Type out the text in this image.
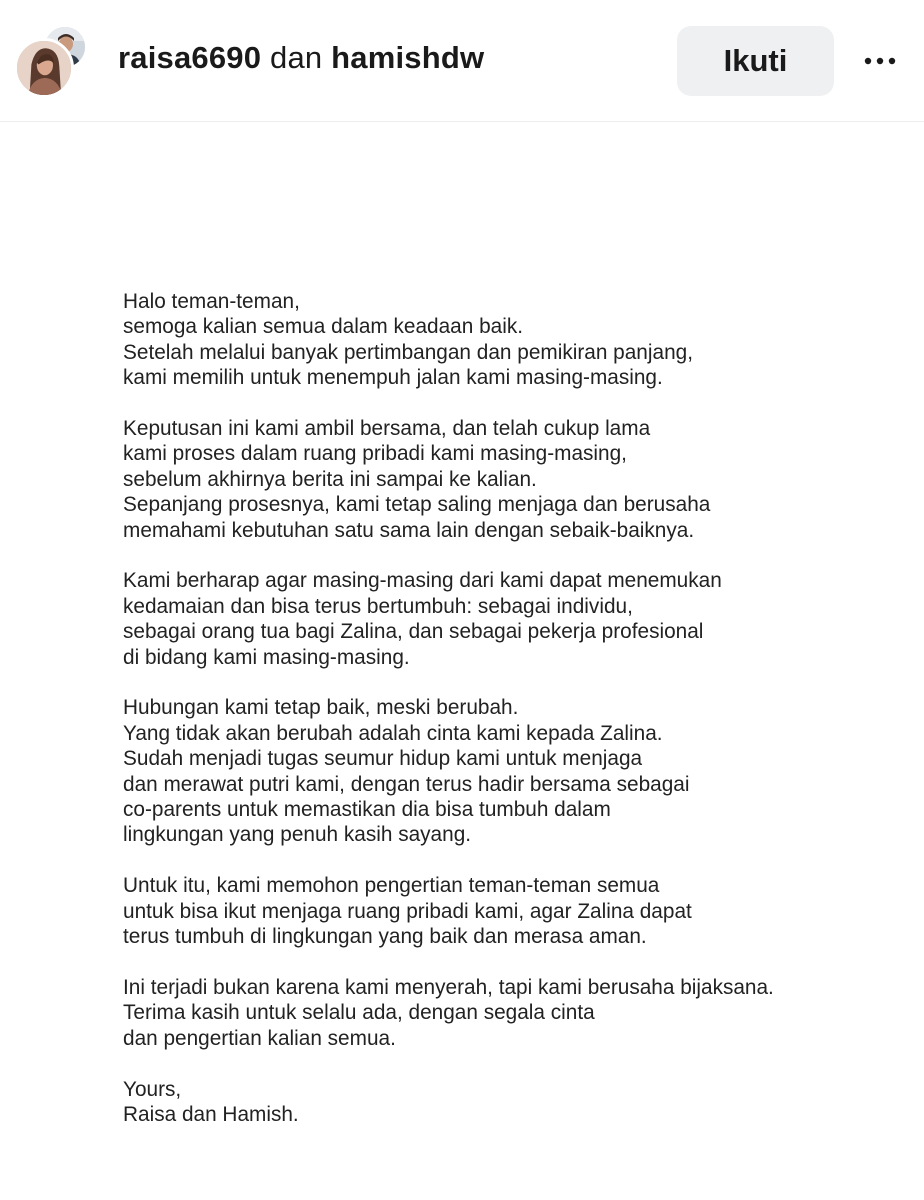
raisa6690 dan hamishdw	Ikuti

Halo teman-teman,
semoga kalian semua dalam keadaan baik.
Setelah melalui banyak pertimbangan dan pemikiran panjang,
kami memilih untuk menempuh jalan kami masing-masing.

Keputusan ini kami ambil bersama, dan telah cukup lama
kami proses dalam ruang pribadi kami masing-masing,
sebelum akhirnya berita ini sampai ke kalian.
Sepanjang prosesnya, kami tetap saling menjaga dan berusaha
memahami kebutuhan satu sama lain dengan sebaik-baiknya.

Kami berharap agar masing-masing dari kami dapat menemukan
kedamaian dan bisa terus bertumbuh: sebagai individu,
sebagai orang tua bagi Zalina, dan sebagai pekerja profesional
di bidang kami masing-masing.

Hubungan kami tetap baik, meski berubah.
Yang tidak akan berubah adalah cinta kami kepada Zalina.
Sudah menjadi tugas seumur hidup kami untuk menjaga
dan merawat putri kami, dengan terus hadir bersama sebagai
co-parents untuk memastikan dia bisa tumbuh dalam
lingkungan yang penuh kasih sayang.

Untuk itu, kami memohon pengertian teman-teman semua
untuk bisa ikut menjaga ruang pribadi kami, agar Zalina dapat
terus tumbuh di lingkungan yang baik dan merasa aman.

Ini terjadi bukan karena kami menyerah, tapi kami berusaha bijaksana.
Terima kasih untuk selalu ada, dengan segala cinta
dan pengertian kalian semua.

Yours,
Raisa dan Hamish.
